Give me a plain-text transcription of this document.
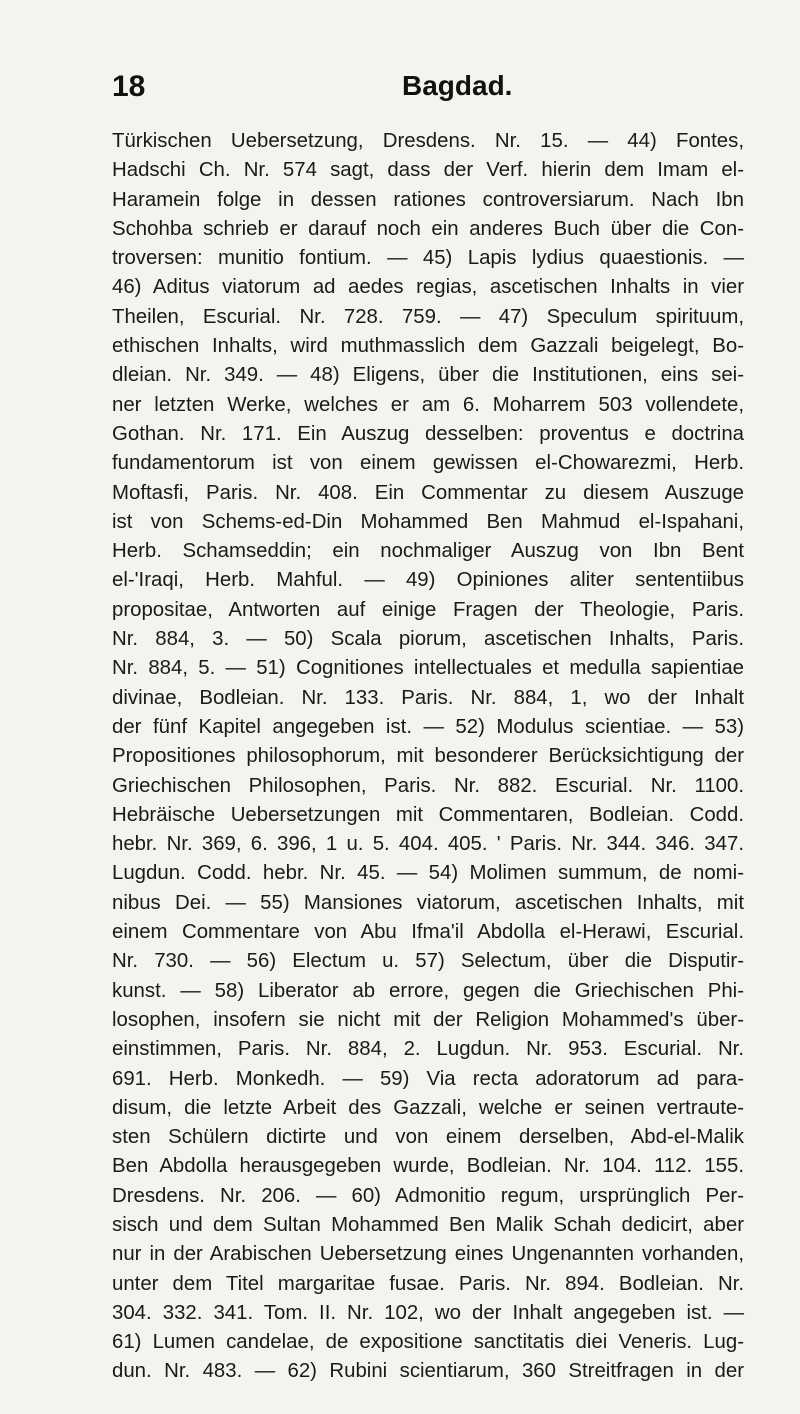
18	Bagdad.
Türkischen Uebersetzung, Dresdens. Nr. 15. — 44) Fontes,
Hadschi Ch. Nr. 574 sagt, dass der Verf. hierin dem Imam el-
Haramein folge in dessen rationes controversiarum. Nach Ibn
Schohba schrieb er darauf noch ein anderes Buch über die Con-
troversen: munitio fontium. — 45) Lapis lydius quaestionis. —
46) Aditus viatorum ad aedes regias, ascetischen Inhalts in vier
Theilen, Escurial. Nr. 728. 759. — 47) Speculum spirituum,
ethischen Inhalts, wird muthmasslich dem Gazzali beigelegt, Bo-
dleian. Nr. 349. — 48) Eligens, über die Institutionen, eins sei-
ner letzten Werke, welches er am 6. Moharrem 503 vollendete,
Gothan. Nr. 171. Ein Auszug desselben: proventus e doctrina
fundamentorum ist von einem gewissen el-Chowarezmi, Herb.
Moftasfi, Paris. Nr. 408. Ein Commentar zu diesem Auszuge
ist von Schems-ed-Din Mohammed Ben Mahmud el-Ispahani,
Herb. Schamseddin; ein nochmaliger Auszug von Ibn Bent
el-'Iraqi, Herb. Mahful. — 49) Opiniones aliter sententiibus
propositae, Antworten auf einige Fragen der Theologie, Paris.
Nr. 884, 3. — 50) Scala piorum, ascetischen Inhalts, Paris.
Nr. 884, 5. — 51) Cognitiones intellectuales et medulla sapientiae
divinae, Bodleian. Nr. 133. Paris. Nr. 884, 1, wo der Inhalt
der fünf Kapitel angegeben ist. — 52) Modulus scientiae. — 53)
Propositiones philosophorum, mit besonderer Berücksichtigung der
Griechischen Philosophen, Paris. Nr. 882. Escurial. Nr. 1100.
Hebräische Uebersetzungen mit Commentaren, Bodleian. Codd.
hebr. Nr. 369, 6. 396, 1 u. 5. 404. 405. ' Paris. Nr. 344. 346. 347.
Lugdun. Codd. hebr. Nr. 45. — 54) Molimen summum, de nomi-
nibus Dei. — 55) Mansiones viatorum, ascetischen Inhalts, mit
einem Commentare von Abu Ifma'il Abdolla el-Herawi, Escurial.
Nr. 730. — 56) Electum u. 57) Selectum, über die Disputir-
kunst. — 58) Liberator ab errore, gegen die Griechischen Phi-
losophen, insofern sie nicht mit der Religion Mohammed's über-
einstimmen, Paris. Nr. 884, 2. Lugdun. Nr. 953. Escurial. Nr.
691. Herb. Monkedh. — 59) Via recta adoratorum ad para-
disum, die letzte Arbeit des Gazzali, welche er seinen vertraute-
sten Schülern dictirte und von einem derselben, Abd-el-Malik
Ben Abdolla herausgegeben wurde, Bodleian. Nr. 104. 112. 155.
Dresdens. Nr. 206. — 60) Admonitio regum, ursprünglich Per-
sisch und dem Sultan Mohammed Ben Malik Schah dedicirt, aber
nur in der Arabischen Uebersetzung eines Ungenannten vorhanden,
unter dem Titel margaritae fusae. Paris. Nr. 894. Bodleian. Nr.
304. 332. 341. Tom. II. Nr. 102, wo der Inhalt angegeben ist. —
61) Lumen candelae, de expositione sanctitatis diei Veneris. Lug-
dun. Nr. 483. — 62) Rubini scientiarum, 360 Streitfragen in der
